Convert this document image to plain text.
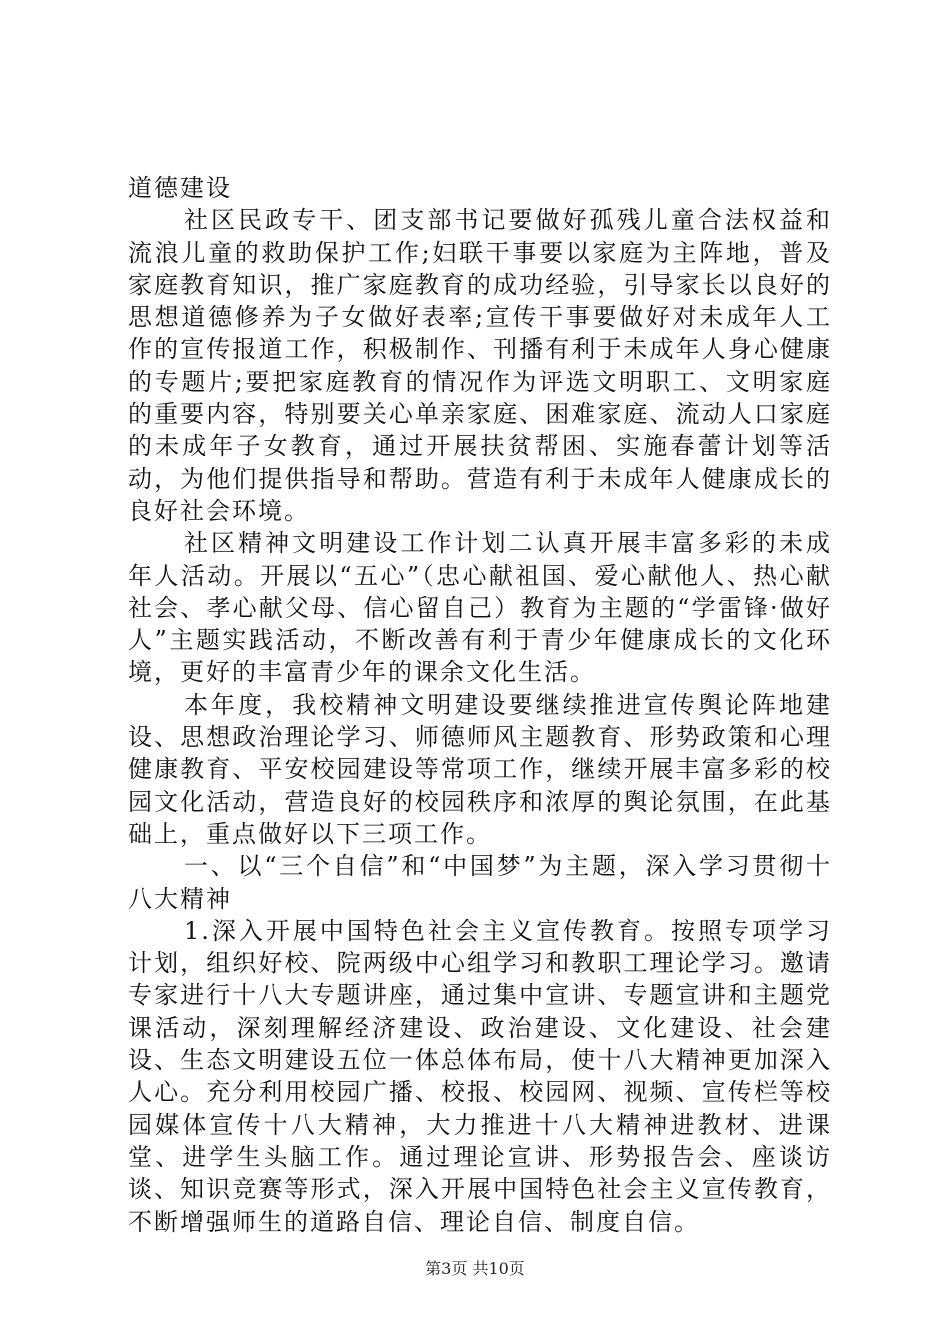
道德建设

社区民政专干、团支部书记要做好孤残儿童合法权益和流浪儿童的救助保护工作;妇联干事要以家庭为主阵地，普及家庭教育知识，推广家庭教育的成功经验，引导家长以良好的思想道德修养为子女做好表率;宣传干事要做好对未成年人工作的宣传报道工作，积极制作、刊播有利于未成年人身心健康的专题片;要把家庭教育的情况作为评选文明职工、文明家庭的重要内容，特别要关心单亲家庭、困难家庭、流动人口家庭的未成年子女教育，通过开展扶贫帮困、实施春蕾计划等活动，为他们提供指导和帮助。营造有利于未成年人健康成长的良好社会环境。

社区精神文明建设工作计划二认真开展丰富多彩的未成年人活动。开展以“五心”（忠心献祖国、爱心献他人、热心献社会、孝心献父母、信心留自己）教育为主题的“学雷锋·做好人”主题实践活动，不断改善有利于青少年健康成长的文化环境，更好的丰富青少年的课余文化生活。

本年度，我校精神文明建设要继续推进宣传舆论阵地建设、思想政治理论学习、师德师风主题教育、形势政策和心理健康教育、平安校园建设等常项工作，继续开展丰富多彩的校园文化活动，营造良好的校园秩序和浓厚的舆论氛围，在此基础上，重点做好以下三项工作。

一、以“三个自信”和“中国梦”为主题，深入学习贯彻十八大精神

1.深入开展中国特色社会主义宣传教育。按照专项学习计划，组织好校、院两级中心组学习和教职工理论学习。邀请专家进行十八大专题讲座，通过集中宣讲、专题宣讲和主题党课活动，深刻理解经济建设、政治建设、文化建设、社会建设、生态文明建设五位一体总体布局，使十八大精神更加深入人心。充分利用校园广播、校报、校园网、视频、宣传栏等校园媒体宣传十八大精神，大力推进十八大精神进教材、进课堂、进学生头脑工作。通过理论宣讲、形势报告会、座谈访谈、知识竞赛等形式，深入开展中国特色社会主义宣传教育，不断增强师生的道路自信、理论自信、制度自信。

第3页 共10页
